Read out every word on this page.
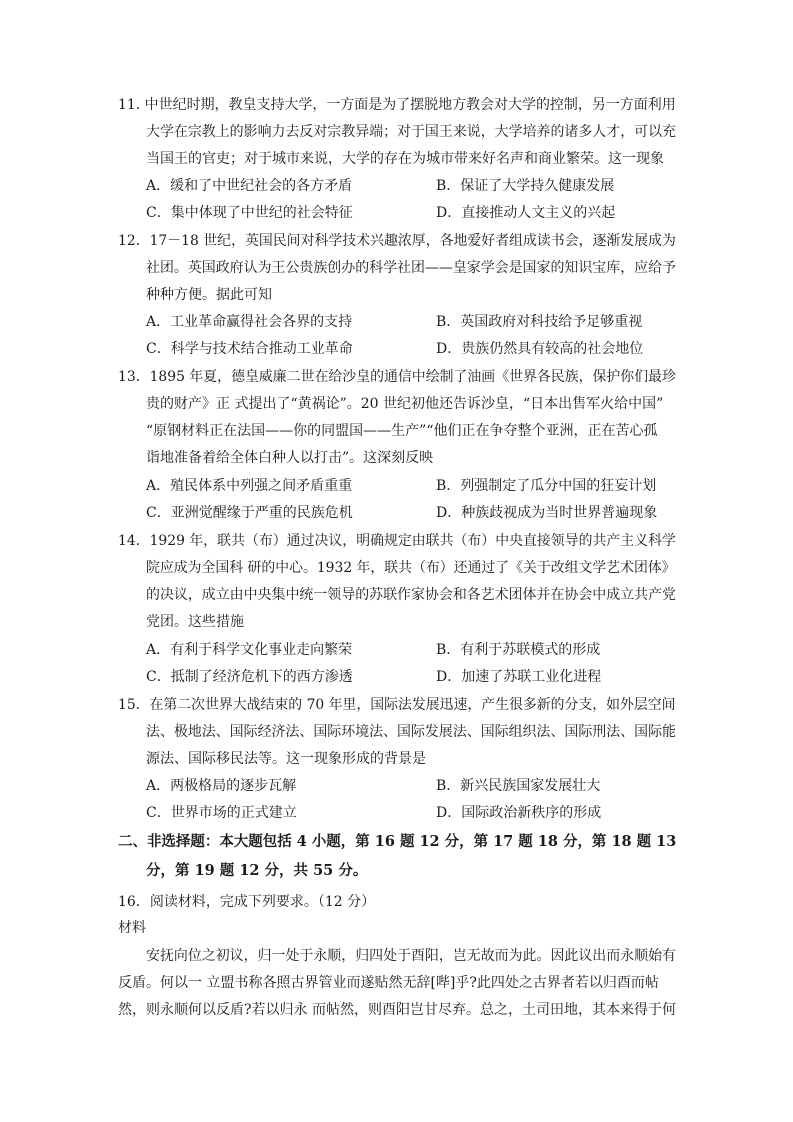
11. 中世纪时期，教皇支持大学，一方面是为了摆脱地方教会对大学的控制，另一方面利用
大学在宗教上的影响力去反对宗教异端；对于国王来说，大学培养的诸多人才，可以充
当国王的官吏；对于城市来说，大学的存在为城市带来好名声和商业繁荣。这一现象
A．缓和了中世纪社会的各方矛盾	B．保证了大学持久健康发展
C．集中体现了中世纪的社会特征	D．直接推动人文主义的兴起
12．17－18 世纪，英国民间对科学技术兴趣浓厚，各地爱好者组成读书会，逐渐发展成为
社团。英国政府认为王公贵族创办的科学社团——皇家学会是国家的知识宝库，应给予
种种方便。据此可知
A．工业革命赢得社会各界的支持	B．英国政府对科技给予足够重视
C．科学与技术结合推动工业革命	D．贵族仍然具有较高的社会地位
13．1895 年夏，德皇威廉二世在给沙皇的通信中绘制了油画《世界各民族，保护你们最珍
贵的财产》正 式提出了“黄祸论”。20 世纪初他还告诉沙皇，“日本出售军火给中国”
“原钢材料正在法国——你的同盟国——生产”“他们正在争夺整个亚洲，正在苦心孤
诣地准备着给全体白种人以打击”。这深刻反映
A．殖民体系中列强之间矛盾重重	B．列强制定了瓜分中国的狂妄计划
C．亚洲觉醒缘于严重的民族危机	D．种族歧视成为当时世界普遍现象
14．1929 年，联共（布）通过决议，明确规定由联共（布）中央直接领导的共产主义科学
院应成为全国科 研的中心。1932 年，联共（布）还通过了《关于改组文学艺术团体》
的决议，成立由中央集中统一领导的苏联作家协会和各艺术团体并在协会中成立共产党
党团。这些措施
A．有利于科学文化事业走向繁荣	B．有利于苏联模式的形成
C．抵制了经济危机下的西方渗透	D．加速了苏联工业化进程
15．在第二次世界大战结束的 70 年里，国际法发展迅速，产生很多新的分支，如外层空间
法、极地法、国际经济法、国际环境法、国际发展法、国际组织法、国际刑法、国际能
源法、国际移民法等。这一现象形成的背景是
A．两极格局的逐步瓦解	B．新兴民族国家发展壮大
C．世界市场的正式建立	D．国际政治新秩序的形成
二、非选择题：本大题包括 4 小题，第 16 题 12 分，第 17 题 18 分，第 18 题 13
分，第 19 题 12 分，共 55 分。
16．阅读材料，完成下列要求。（12 分）
材料
安抚向位之初议，归一处于永顺，归四处于酉阳，岂无故而为此。因此议出而永顺始有
反盾。何以一 立盟书称各照古界管业而遂贴然无辞[哔]乎?此四处之古界者若以归酉而帖
然，则永顺何以反盾?若以归永 而帖然，则酉阳岂甘尽弃。总之，土司田地，其本来得于何
